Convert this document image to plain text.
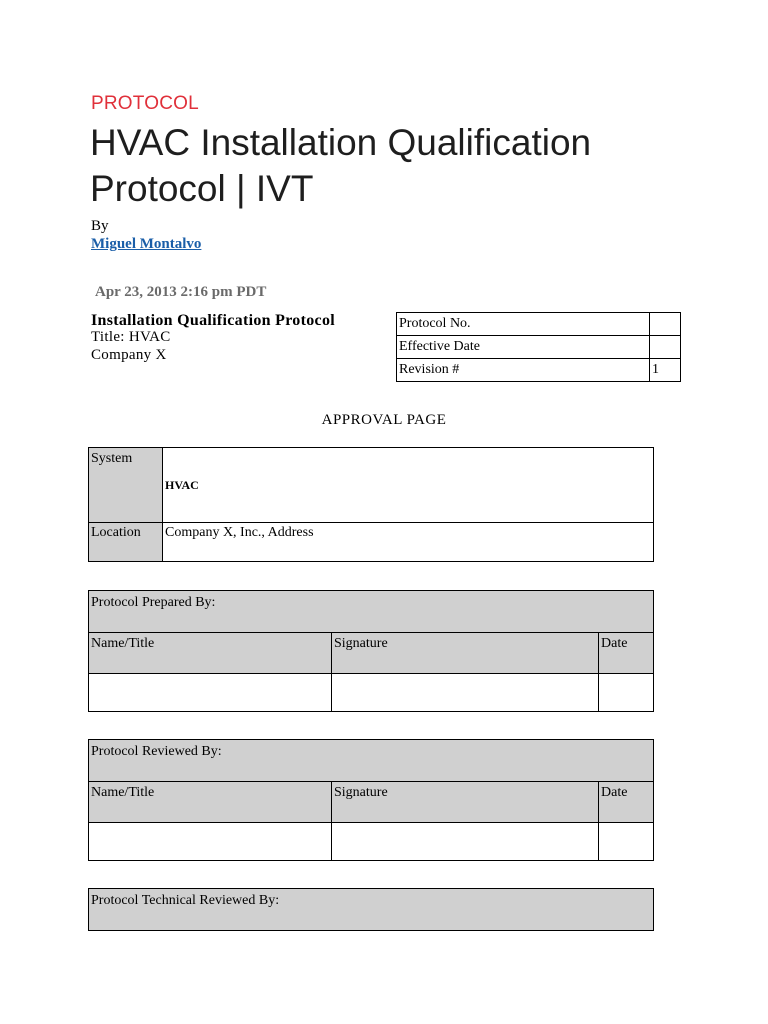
PROTOCOL
HVAC Installation Qualification Protocol | IVT
By
Miguel Montalvo
Apr 23, 2013 2:16 pm PDT
Installation Qualification Protocol
Title: HVAC
Company X
Protocol No.	
Effective Date	
Revision #	1
APPROVAL PAGE
System	HVAC
Location	Company X, Inc., Address
Protocol Prepared By:		
Name/Title	Signature	Date

Protocol Reviewed By:		
Name/Title	Signature	Date

Protocol Technical Reviewed By:
